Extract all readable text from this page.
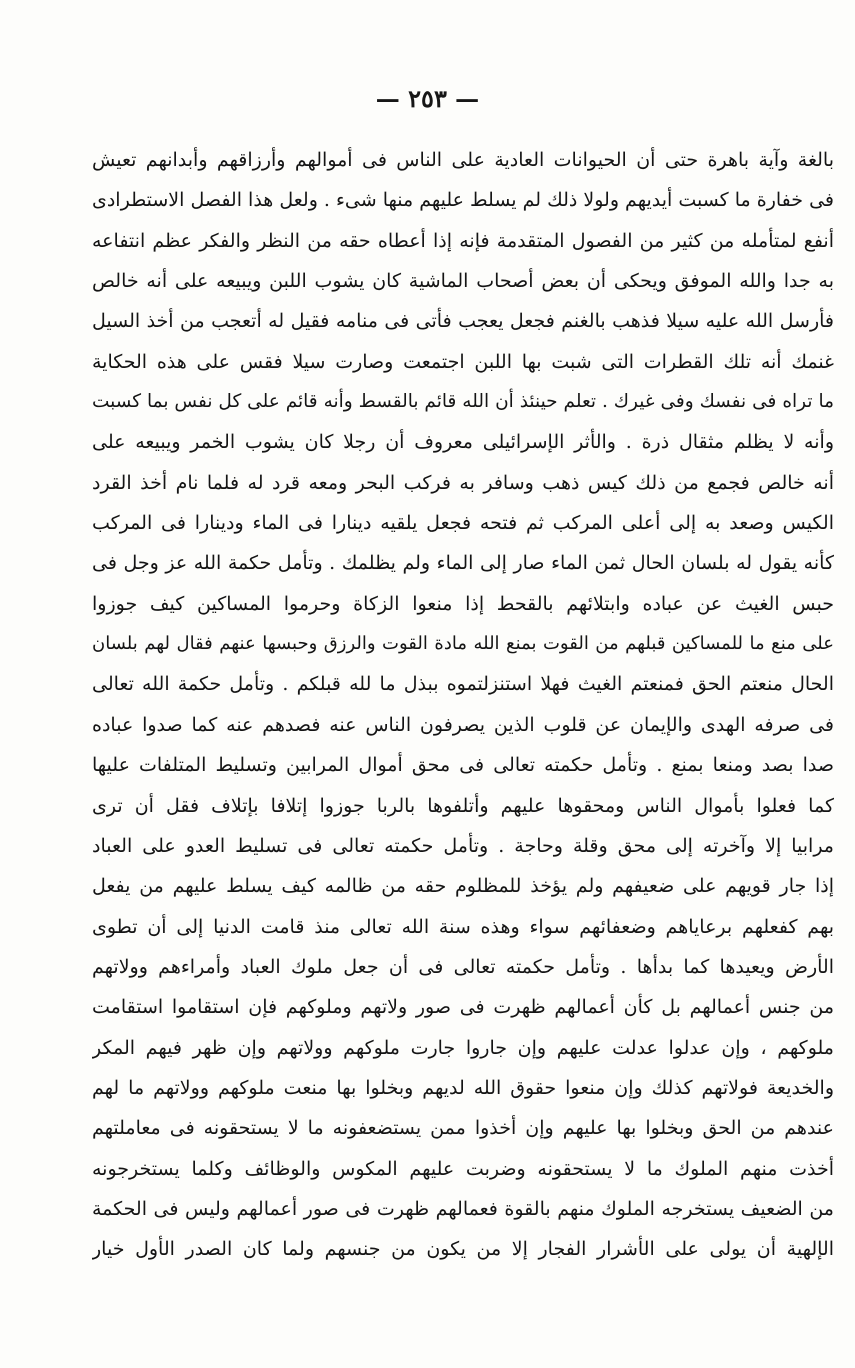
— ٢٥٣ —
بالغة وآية باهرة حتى أن الحيوانات العادية على الناس فى أموالهم وأرزاقهم وأبدانهم تعيش
فى خفارة ما كسبت أيديهم ولولا ذلك لم يسلط عليهم منها شىء . ولعل هذا الفصل الاستطرادى
أنفع لمتأمله من كثير من الفصول المتقدمة فإنه إذا أعطاه حقه من النظر والفكر عظم انتفاعه
به جدا والله الموفق ويحكى أن بعض أصحاب الماشية كان يشوب اللبن ويبيعه على أنه خالص
فأرسل الله عليه سيلا فذهب بالغنم فجعل يعجب فأتى فى منامه فقيل له أتعجب من أخذ السيل
غنمك أنه تلك القطرات التى شبت بها اللبن اجتمعت وصارت سيلا فقس على هذه الحكاية
ما تراه فى نفسك وفى غيرك . تعلم حينئذ أن الله قائم بالقسط وأنه قائم على كل نفس بما كسبت
وأنه لا يظلم مثقال ذرة . والأثر الإسرائيلى معروف أن رجلا كان يشوب الخمر ويبيعه على
أنه خالص فجمع من ذلك كيس ذهب وسافر به فركب البحر ومعه قرد له فلما نام أخذ القرد
الكيس وصعد به إلى أعلى المركب ثم فتحه فجعل يلقيه دينارا فى الماء ودينارا فى المركب
كأنه يقول له بلسان الحال ثمن الماء صار إلى الماء ولم يظلمك . وتأمل حكمة الله عز وجل فى
حبس الغيث عن عباده وابتلائهم بالقحط إذا منعوا الزكاة وحرموا المساكين كيف جوزوا
على منع ما للمساكين قبلهم من القوت بمنع الله مادة القوت والرزق وحبسها عنهم فقال لهم بلسان
الحال منعتم الحق فمنعتم الغيث فهلا استنزلتموه ببذل ما لله قبلكم . وتأمل حكمة الله تعالى
فى صرفه الهدى والإيمان عن قلوب الذين يصرفون الناس عنه فصدهم عنه كما صدوا عباده
صدا بصد ومنعا بمنع . وتأمل حكمته تعالى فى محق أموال المرابين وتسليط المتلفات عليها
كما فعلوا بأموال الناس ومحقوها عليهم وأتلفوها بالربا جوزوا إتلافا بإتلاف فقل أن ترى
مرابيا إلا وآخرته إلى محق وقلة وحاجة . وتأمل حكمته تعالى فى تسليط العدو على العباد
إذا جار قويهم على ضعيفهم ولم يؤخذ للمظلوم حقه من ظالمه كيف يسلط عليهم من يفعل
بهم كفعلهم برعاياهم وضعفائهم سواء وهذه سنة الله تعالى منذ قامت الدنيا إلى أن تطوى
الأرض ويعيدها كما بدأها . وتأمل حكمته تعالى فى أن جعل ملوك العباد وأمراءهم وولاتهم
من جنس أعمالهم بل كأن أعمالهم ظهرت فى صور ولاتهم وملوكهم فإن استقاموا استقامت
ملوكهم ، وإن عدلوا عدلت عليهم وإن جاروا جارت ملوكهم وولاتهم وإن ظهر فيهم المكر
والخديعة فولاتهم كذلك وإن منعوا حقوق الله لديهم وبخلوا بها منعت ملوكهم وولاتهم ما لهم
عندهم من الحق وبخلوا بها عليهم وإن أخذوا ممن يستضعفونه ما لا يستحقونه فى معاملتهم
أخذت منهم الملوك ما لا يستحقونه وضربت عليهم المكوس والوظائف وكلما يستخرجونه
من الضعيف يستخرجه الملوك منهم بالقوة فعمالهم ظهرت فى صور أعمالهم وليس فى الحكمة
الإلهية أن يولى على الأشرار الفجار إلا من يكون من جنسهم ولما كان الصدر الأول خيار
